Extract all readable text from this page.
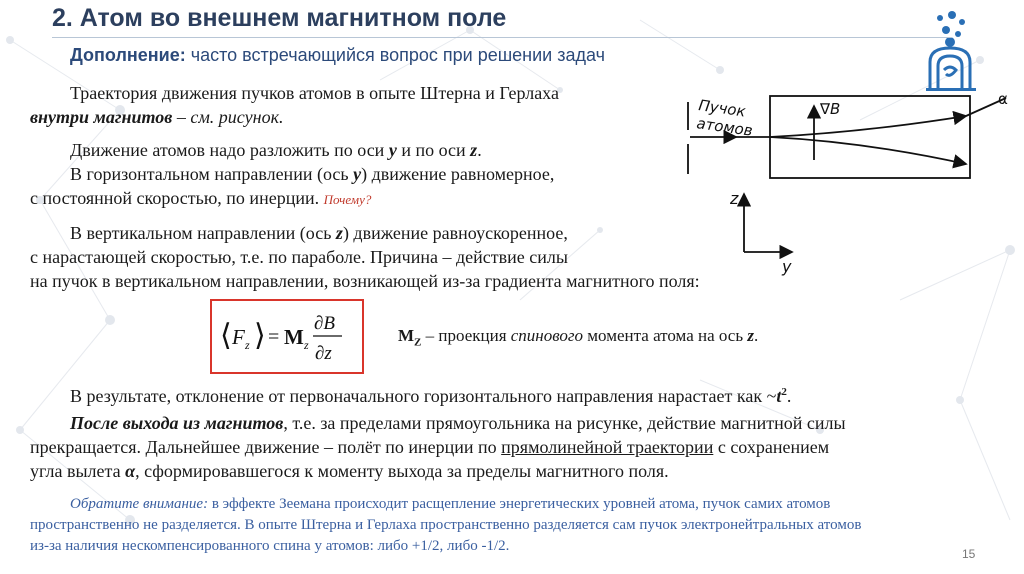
2. Атом во внешнем магнитном поле
Дополнение: часто встречающийся вопрос при решении задач
Траектория движения пучков атомов в опыте Штерна и Герлаха
внутри магнитов – см. рисунок.
Движение атомов надо разложить по оси y и по оси z.
В горизонтальном направлении (ось y) движение равномерное,
с постоянной скоростью, по инерции. Почему?
В вертикальном направлении (ось z) движение равноускоренное,
с нарастающей скоростью, т.е. по параболе. Причина – действие силы
на пучок в вертикальном направлении, возникающей из-за градиента магнитного поля:
⟨ F z ⟩ = M z
∂B
∂z
$M_Z$ – проекция спинового момента атома на ось z.
В результате, отклонение от первоначального горизонтального направления нарастает как $\sim t^2$.
После выхода из магнитов, т.е. за пределами прямоугольника на рисунке, действие магнитной силы
прекращается. Дальнейшее движение – полёт по инерции по прямолинейной траектории с сохранением
угла вылета α, сформировавшегося к моменту выхода за пределы магнитного поля.
Обратите внимание: в эффекте Зеемана происходит расщепление энергетических уровней атома, пучок самих атомов
пространственно не разделяется. В опыте Штерна и Герлаха пространственно разделяется сам пучок электронейтральных атомов
из-за наличия нескомпенсированного спина у атомов: либо +1/2, либо -1/2.
Пучок
атомов
∇B
α
z
y
15
